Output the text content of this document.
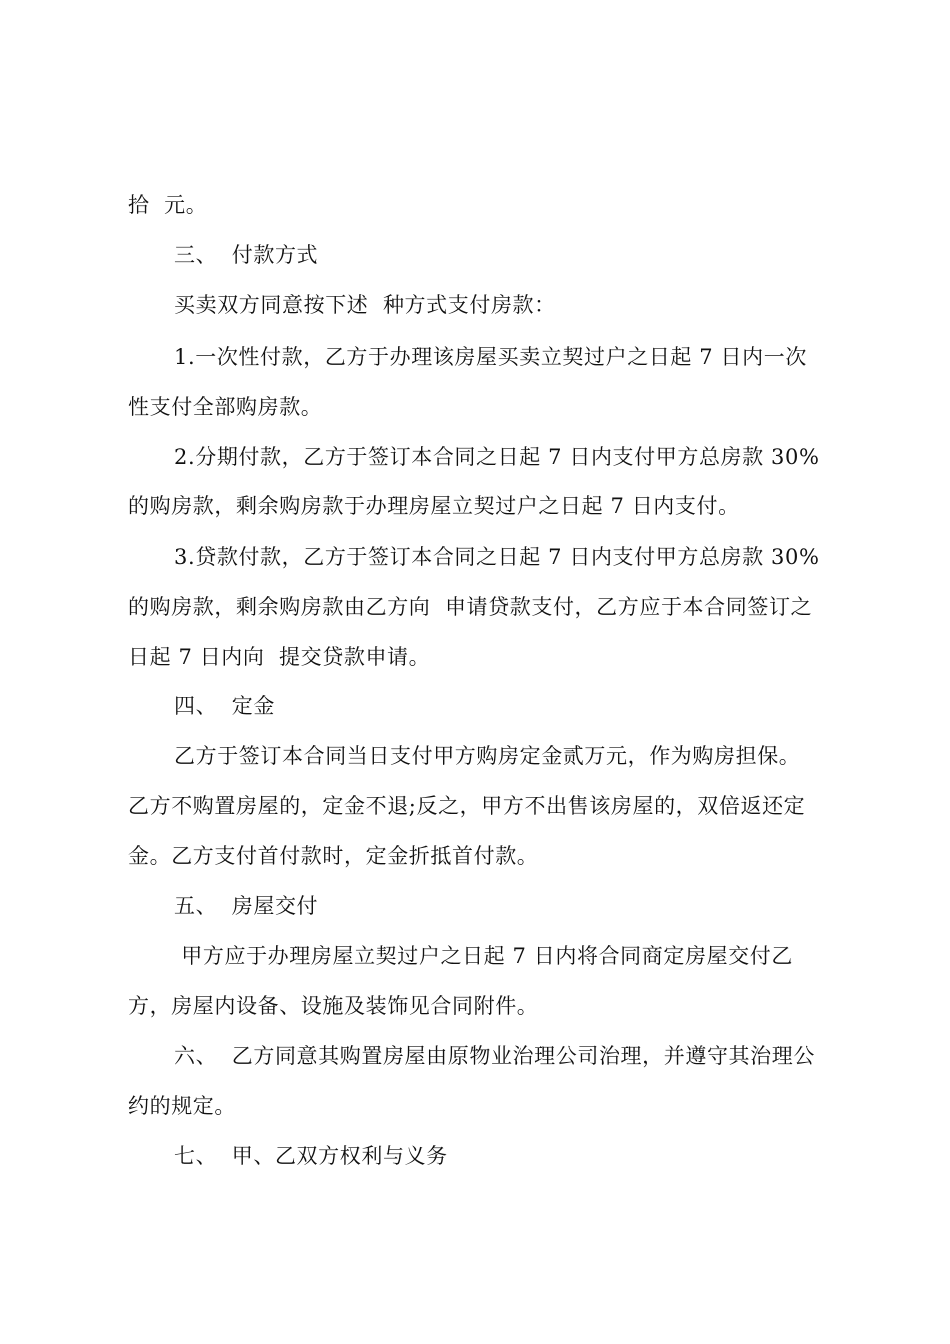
拾  元。
三、  付款方式
买卖双方同意按下述  种方式支付房款：
1.一次性付款，乙方于办理该房屋买卖立契过户之日起 7 日内一次
性支付全部购房款。
2.分期付款，乙方于签订本合同之日起 7 日内支付甲方总房款 30%
的购房款，剩余购房款于办理房屋立契过户之日起 7 日内支付。
3.贷款付款，乙方于签订本合同之日起 7 日内支付甲方总房款 30%
的购房款，剩余购房款由乙方向  申请贷款支付，乙方应于本合同签订之
日起 7 日内向  提交贷款申请。
四、  定金
乙方于签订本合同当日支付甲方购房定金贰万元，作为购房担保。
乙方不购置房屋的，定金不退;反之，甲方不出售该房屋的，双倍返还定
金。乙方支付首付款时，定金折抵首付款。
五、  房屋交付
甲方应于办理房屋立契过户之日起 7 日内将合同商定房屋交付乙
方，房屋内设备、设施及装饰见合同附件。
六、  乙方同意其购置房屋由原物业治理公司治理，并遵守其治理公
约的规定。
七、  甲、乙双方权利与义务
